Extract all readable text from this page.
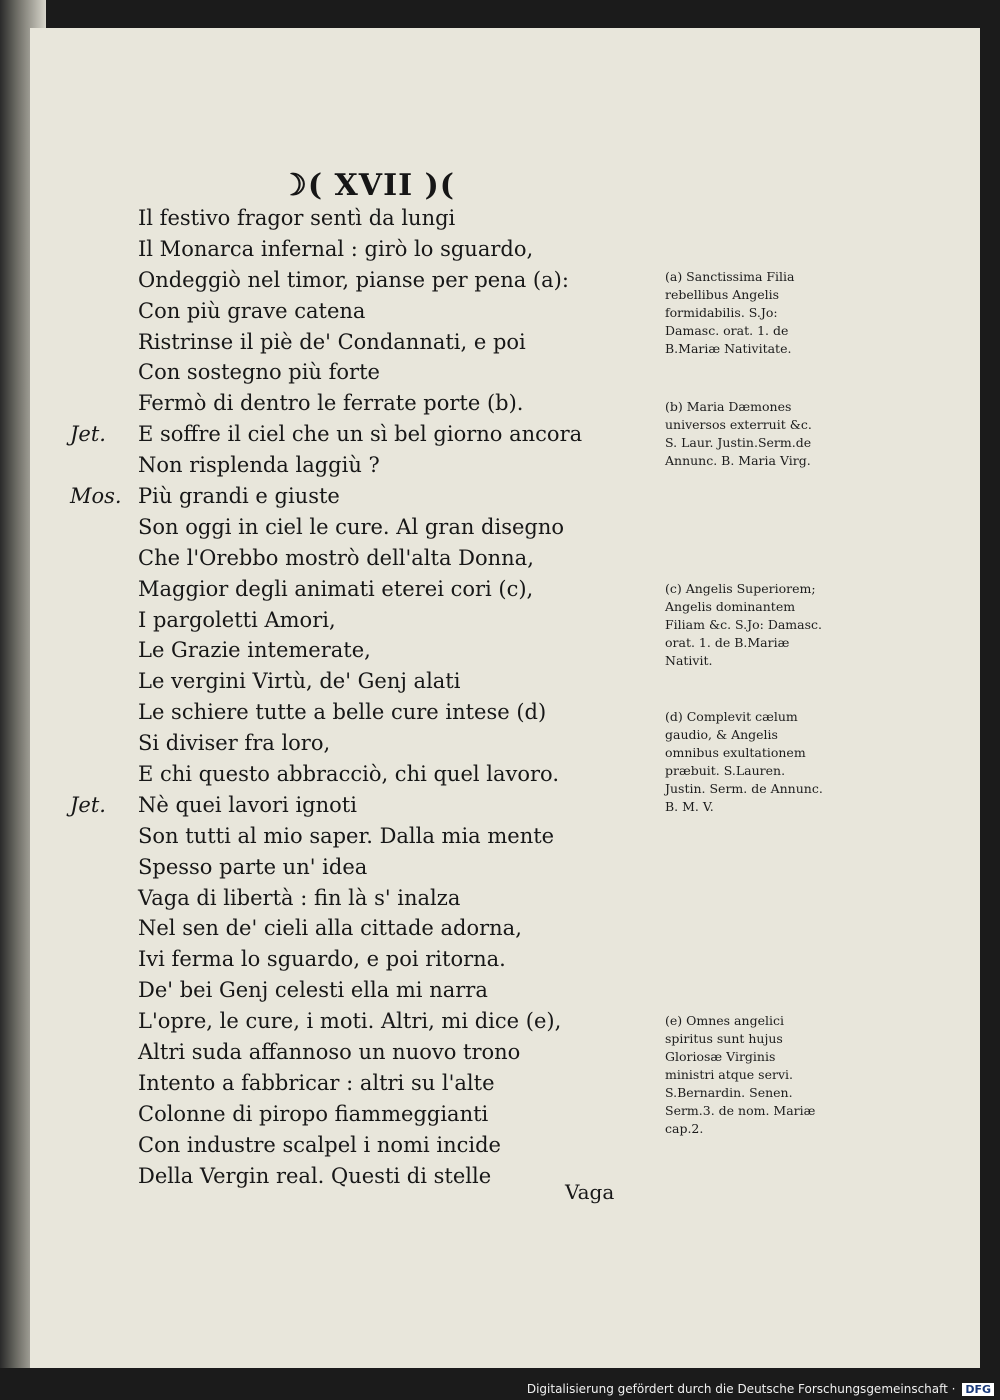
☽( XVII )(
Il festivo fragor sentì da lungi
Il Monarca infernal : girò lo sguardo,
Ondeggiò nel timor, pianse per pena (a):
Con più grave catena
Ristrinse il piè de' Condannati, e poi
Con sostegno più forte
Fermò di dentro le ferrate porte (b).
Jet. E soffre il ciel che un sì bel giorno ancora
Non risplenda laggiù ?
Mos. Più grandi e giuste
Son oggi in ciel le cure. Al gran disegno
Che l'Orebbo mostrò dell'alta Donna,
Maggior degli animati eterei cori (c),
I pargoletti Amori,
Le Grazie intemerate,
Le vergini Virtù, de' Genj alati
Le schiere tutte a belle cure intese (d)
Si diviser fra loro,
E chi questo abbracciò, chi quel lavoro.
Jet. Nè quei lavori ignoti
Son tutti al mio saper. Dalla mia mente
Spesso parte un' idea
Vaga di libertà : fin là s' inalza
Nel sen de' cieli alla cittade adorna,
Ivi ferma lo sguardo, e poi ritorna.
De' bei Genj celesti ella mi narra
L'opre, le cure, i moti. Altri, mi dice (e),
Altri suda affannoso un nuovo trono
Intento a fabbricar : altri su l'alte
Colonne di piropo fiammeggianti
Con industre scalpel i nomi incide
Della Vergin real. Questi di stelle
(a) Sanctissima Filia rebellibus Angelis formidabilis. S.Jo: Damasc. orat. 1. de B.Mariæ Nativitate.
(b) Maria Dæmones universos exterruit &c. S. Laur. Justin.Serm.de Annunc. B. Maria Virg.
(c) Angelis Superiorem; Angelis dominantem Filiam &c. S.Jo: Damasc. orat. 1. de B.Mariæ Nativit.
(d) Complevit cælum gaudio, & Angelis omnibus exultationem præbuit. S.Lauren. Justin. Serm. de Annunc. B. M. V.
(e) Omnes angelici spiritus sunt hujus Gloriosæ Virginis ministri atque servi. S.Bernardin. Senen. Serm.3. de nom. Mariæ cap.2.
Vaga
Digitalisierung gefördert durch die Deutsche Forschungsgemeinschaft · DFG
